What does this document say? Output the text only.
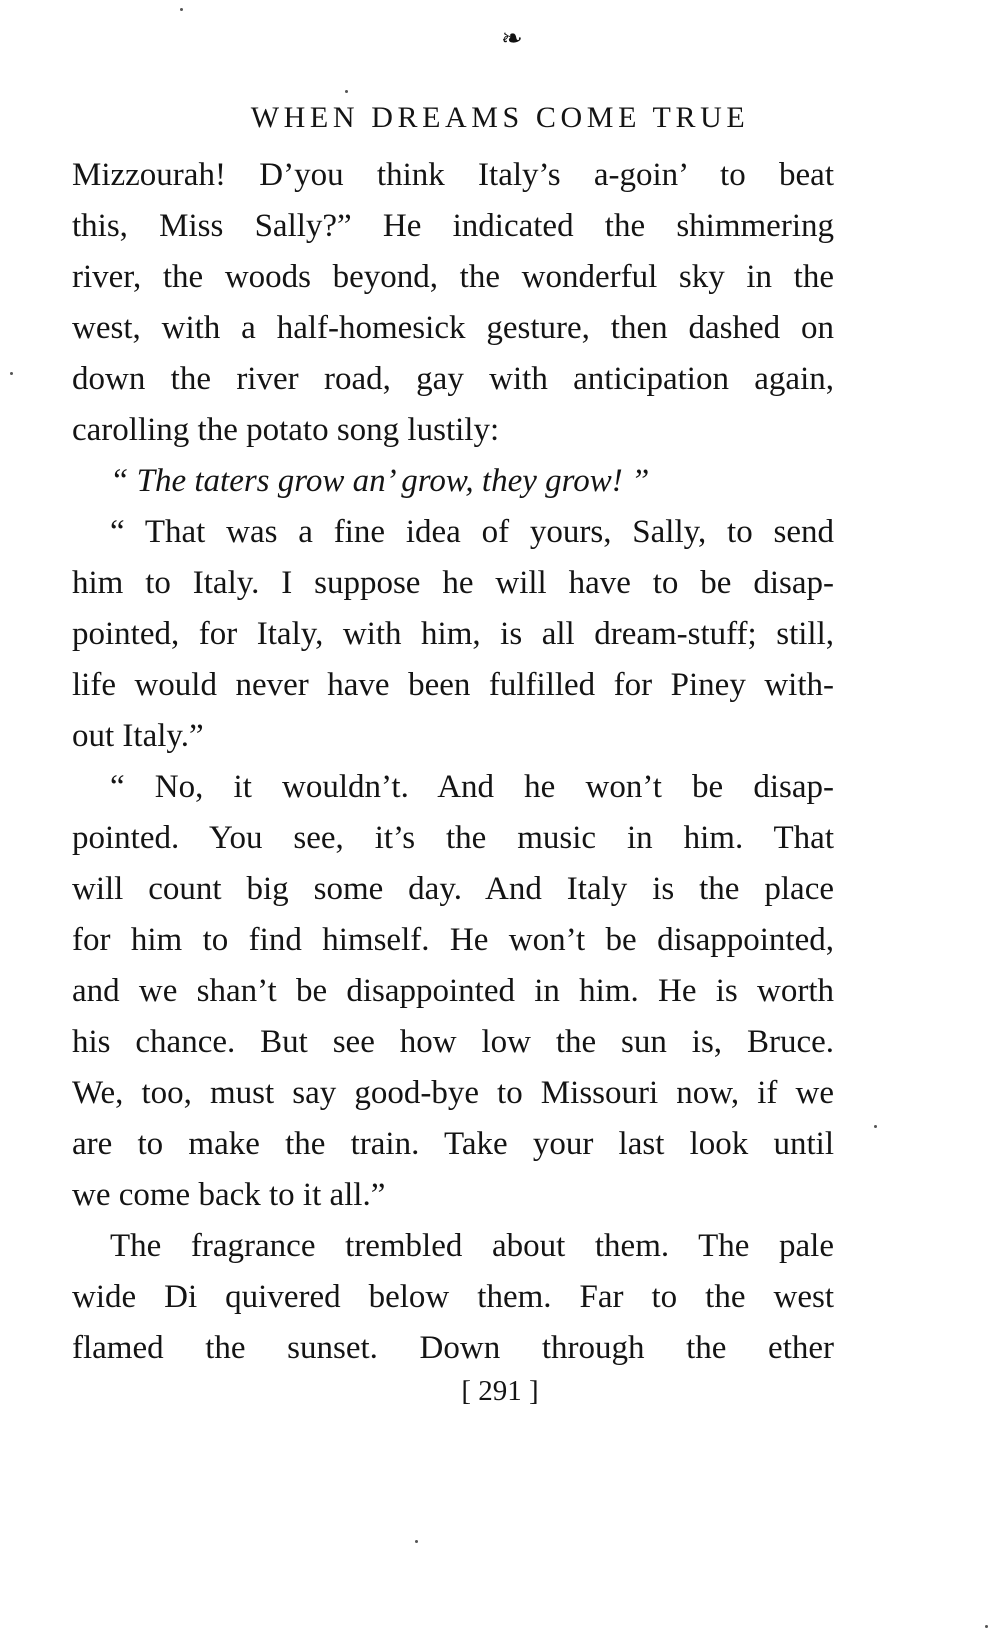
❧
WHEN DREAMS COME TRUE
Mizzourah! D’you think Italy’s a-goin’ to beat
this, Miss Sally?” He indicated the shimmering
river, the woods beyond, the wonderful sky in the
west, with a half-homesick gesture, then dashed on
down the river road, gay with anticipation again,
carolling the potato song lustily:
“ The taters grow an’ grow, they grow! ”
“ That was a fine idea of yours, Sally, to send
him to Italy. I suppose he will have to be disap-
pointed, for Italy, with him, is all dream-stuff; still,
life would never have been fulfilled for Piney with-
out Italy.”
“ No, it wouldn’t. And he won’t be disap-
pointed. You see, it’s the music in him. That
will count big some day. And Italy is the place
for him to find himself. He won’t be disappointed,
and we shan’t be disappointed in him. He is worth
his chance. But see how low the sun is, Bruce.
We, too, must say good-bye to Missouri now, if we
are to make the train. Take your last look until
we come back to it all.”
The fragrance trembled about them. The pale
wide Di quivered below them. Far to the west
flamed the sunset. Down through the ether
[ 291 ]
